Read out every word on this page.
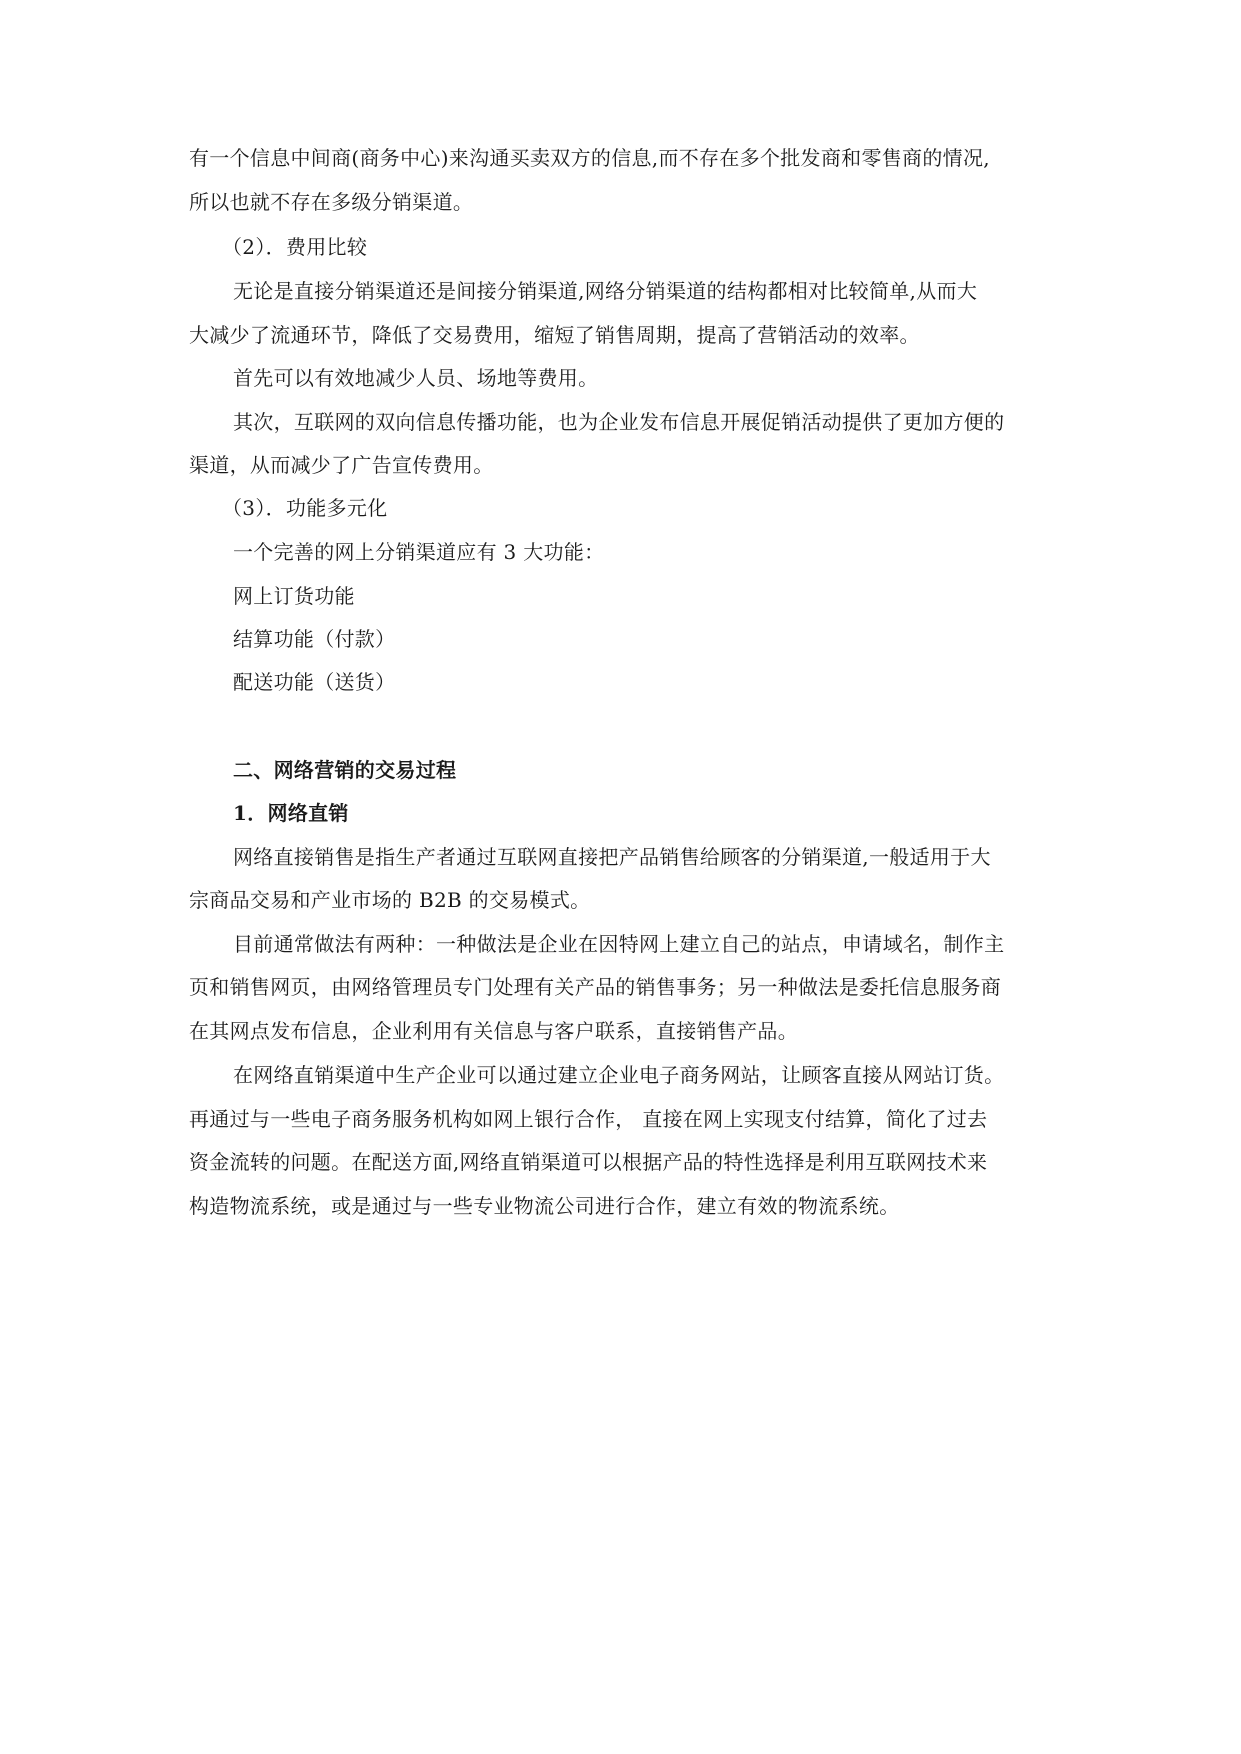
有一个信息中间商(商务中心)来沟通买卖双方的信息,而不存在多个批发商和零售商的情况,
所以也就不存在多级分销渠道。
（2）．费用比较
无论是直接分销渠道还是间接分销渠道,网络分销渠道的结构都相对比较简单,从而大
大减少了流通环节，降低了交易费用，缩短了销售周期，提高了营销活动的效率。
首先可以有效地减少人员、场地等费用。
其次，互联网的双向信息传播功能，也为企业发布信息开展促销活动提供了更加方便的
渠道，从而减少了广告宣传费用。
（3）．功能多元化
一个完善的网上分销渠道应有 3 大功能：
网上订货功能
结算功能（付款）
配送功能（送货）
二、网络营销的交易过程
1．网络直销
网络直接销售是指生产者通过互联网直接把产品销售给顾客的分销渠道,一般适用于大
宗商品交易和产业市场的 B2B 的交易模式。
目前通常做法有两种：一种做法是企业在因特网上建立自己的站点，申请域名，制作主
页和销售网页，由网络管理员专门处理有关产品的销售事务；另一种做法是委托信息服务商
在其网点发布信息，企业利用有关信息与客户联系，直接销售产品。
在网络直销渠道中生产企业可以通过建立企业电子商务网站，让顾客直接从网站订货。
再通过与一些电子商务服务机构如网上银行合作， 直接在网上实现支付结算，简化了过去
资金流转的问题。在配送方面,网络直销渠道可以根据产品的特性选择是利用互联网技术来
构造物流系统，或是通过与一些专业物流公司进行合作，建立有效的物流系统。
